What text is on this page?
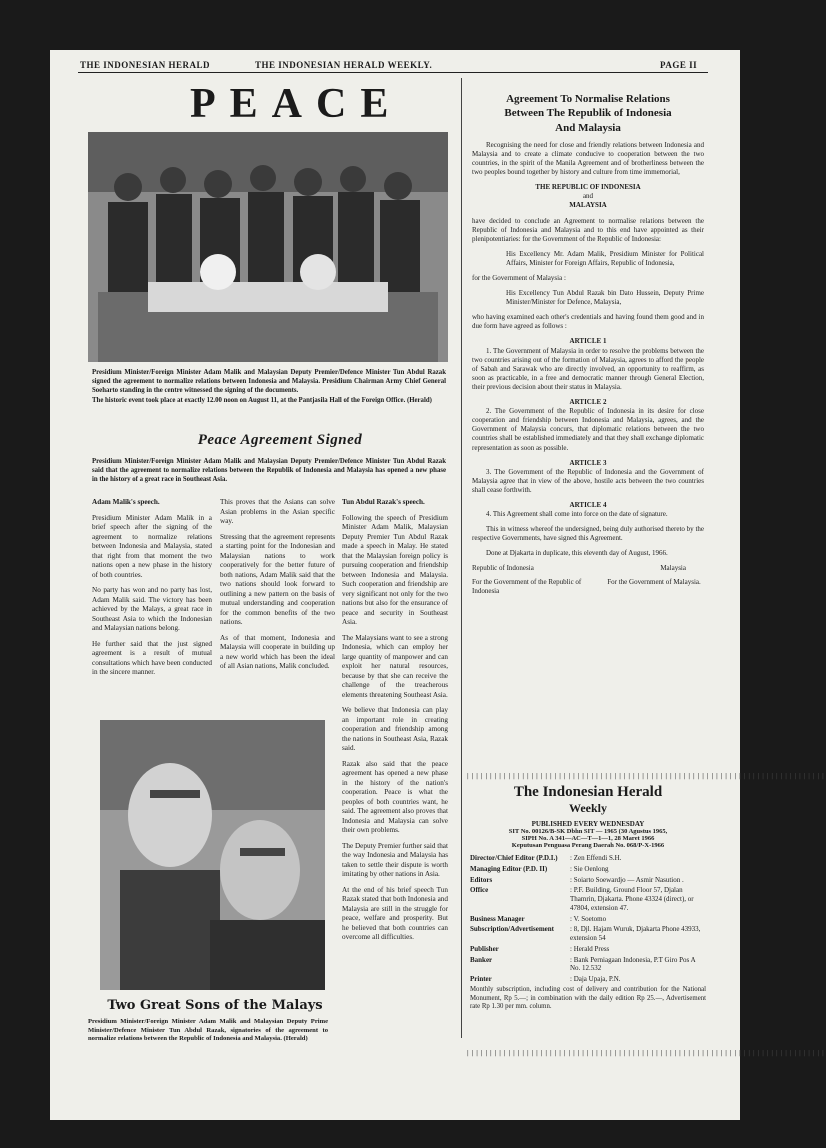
THE INDONESIAN HERALD	THE INDONESIAN HERALD WEEKLY.	PAGE II
PEACE
Presidium Minister/Foreign Minister Adam Malik and Malaysian Deputy Premier/Defence Minister Tun Abdul Razak signed the agreement to normalize relations between Indonesia and Malaysia. Presidium Chairman Army Chief General Soeharto standing in the centre witnessed the signing of the documents.
The historic event took place at exactly 12.00 noon on August 11, at the Pantjasila Hall of the Foreign Office. (Herald)
Peace Agreement Signed
Presidium Minister/Foreign Minister Adam Malik and Malaysian Deputy Premier/Defence Minister Tun Abdul Razak said that the agreement to normalize relations between the Republik of Indonesia and Malaysia has opened a new phase in the history of a great race in Southeast Asia.

Adam Malik's speech.

Presidium Minister Adam Malik in a brief speech after the signing of the agreement to normalize relations between Indonesia and Malaysia, stated that right from that moment the two nations open a new phase in the history of both countries.

No party has won and no party has lost, Adam Malik said. The victory has been achieved by the Malays, a great race in Southeast Asia to which the Indonesian and Malaysian nations belong.

He further said that the just signed agreement is a result of mutual consultations which have been conducted in the sincere manner.

This proves that the Asians can solve Asian problems in the Asian specific way.

Stressing that the agreement represents a starting point for the Indonesian and Malaysian nations to work cooperatively for the better future of both nations, Adam Malik said that the two nations should look forward to outlining a new pattern on the basis of mutual understanding and cooperation for the common benefits of the two nations.

As of that moment, Indonesia and Malaysia will cooperate in building up a new world which has been the ideal of all Asian nations, Malik concluded.

Tun Abdul Razak's speech.

Following the speech of Presidium Minister Adam Malik, Malaysian Deputy Premier Tun Abdul Razak made a speech in Malay. He stated that the Malaysian foreign policy is pursuing cooperation and friendship between Indonesia and Malaysia. Such cooperation and friendship are very significant not only for the two nations but also for the ensurance of peace and security in Southeast Asia.

The Malaysians want to see a strong Indonesia, which can employ her large quantity of manpower and can exploit her natural resources, because by that she can receive the challenge of the treacherous elements threatening Southeast Asia.

We believe that Indonesia can play an important role in creating cooperation and friendship among the nations in Southeast Asia, Razak said.

Razak also said that the peace agreement has opened a new phase in the history of the nation's cooperation. Peace is what the peoples of both countries want, he said. The agreement also proves that Indonesia and Malaysia can solve their own problems.

The Deputy Premier further said that the way Indonesia and Malaysia has taken to settle their dispute is worth imitating by other nations in Asia.

At the end of his brief speech Tun Razak stated that both Indonesia and Malaysia are still in the struggle for peace, welfare and prosperity. But he believed that both countries can overcome all difficulties.

Two Great Sons of the Malays
Presidium Minister/Foreign Minister Adam Malik and Malaysian Deputy Prime Minister/Defence Minister Tun Abdul Razak, signatories of the agreement to normalize relations between the Republic of Indonesia and Malaysia. (Herald)
Agreement To Normalise Relations
Between The Republik of Indonesia
And Malaysia

Recognising the need for close and friendly relations between Indonesia and Malaysia and to create a climate conducive to cooperation between the two countries, in the spirit of the Manila Agreement and of brotherliness between the two peoples bound together by history and culture from time immemorial,

THE REPUBLIC OF INDONESIA
and
MALAYSIA

have decided to conclude an Agreement to normalise relations between the Republic of Indonesia and Malaysia and to this end have appointed as their plenipotentiaries: for the Government of the Republic of Indonesia:

His Excellency Mr. Adam Malik, Presidium Minister for Political Affairs, Minister for Foreign Affairs, Republic of Indonesia,

for the Government of Malaysia :

His Excellency Tun Abdul Razak bin Dato Hussein, Deputy Prime Minister/Minister for Defence, Malaysia,

who having examined each other's credentials and having found them good and in due form have agreed as follows :

ARTICLE 1

1. The Government of Malaysia in order to resolve the problems between the two countries arising out of the formation of Malaysia, agrees to afford the people of Sabah and Sarawak who are directly involved, an opportunity to reaffirm, as soon as practicable, in a free and democratic manner through General Election, their previous decision about their status in Malaysia.

ARTICLE 2

2. The Government of the Republic of Indonesia in its desire for close cooperation and friendship between Indonesia and Malaysia, agrees, and the Government of Malaysia concurs, that diplomatic relations between the two countries shall be established immediately and that they shall exchange diplomatic representation as soon as possible.

ARTICLE 3

3. The Government of the Republic of Indonesia and the Government of Malaysia agree that in view of the above, hostile acts between the two countries shall cease forthwith.

ARTICLE 4

4. This Agreement shall come into force on the date of signature.

This in witness whereof the undersigned, being duly authorised thereto by the respective Governments, have signed this Agreement.

Done at Djakarta in duplicate, this eleventh day of August, 1966.

Republic of Indonesia	Malaysia
For the Government of the Republic of Indonesia
For the Government of Malaysia.
||||||||||||||||||||||||||||||||||||||||||||||||||||||||||||||||||||||||||||||
The Indonesian Herald
Weekly
PUBLISHED EVERY WEDNESDAY
SIT No. 00126/B-SK Dbhn SIT — 1965 (30 Agustus 1965,
SIPH No. A 341—AC—T—1—1, 28 Maret 1966
Keputusan Penguasa Perang Daerah No. 068/P-X-1966
Director/Chief Editor (P.D.I.)	: Zen Effendi S.H.
Managing Editor (P.D. II)	: Sie Oenlong
Editors	: Soiarto Soewardjo — Asmir Nasution .
Office	: P.F. Building, Ground Floor 57, Djalan Thamrin, Djakarta. Phone 43324 (direct), or 47804, extension 47.
Business Manager	: V. Soetomo
Subscription/Advertisement	: 8, Djl. Hajam Wuruk, Djakarta Phone 43933, extension 54
Publisher	: Herald Press
Banker	: Bank Perniagaan Indonesia, P.T Giro Pos A No. 12.532
Printer	: Daja Upaja, P.N.
Monthly subscription, including cost of delivery and contribution for the National Monument, Rp 5.—; in combination with the daily edition Rp 25.—, Advertisement rate Rp 1.30 per mm. column.
||||||||||||||||||||||||||||||||||||||||||||||||||||||||||||||||||||||||||||||
